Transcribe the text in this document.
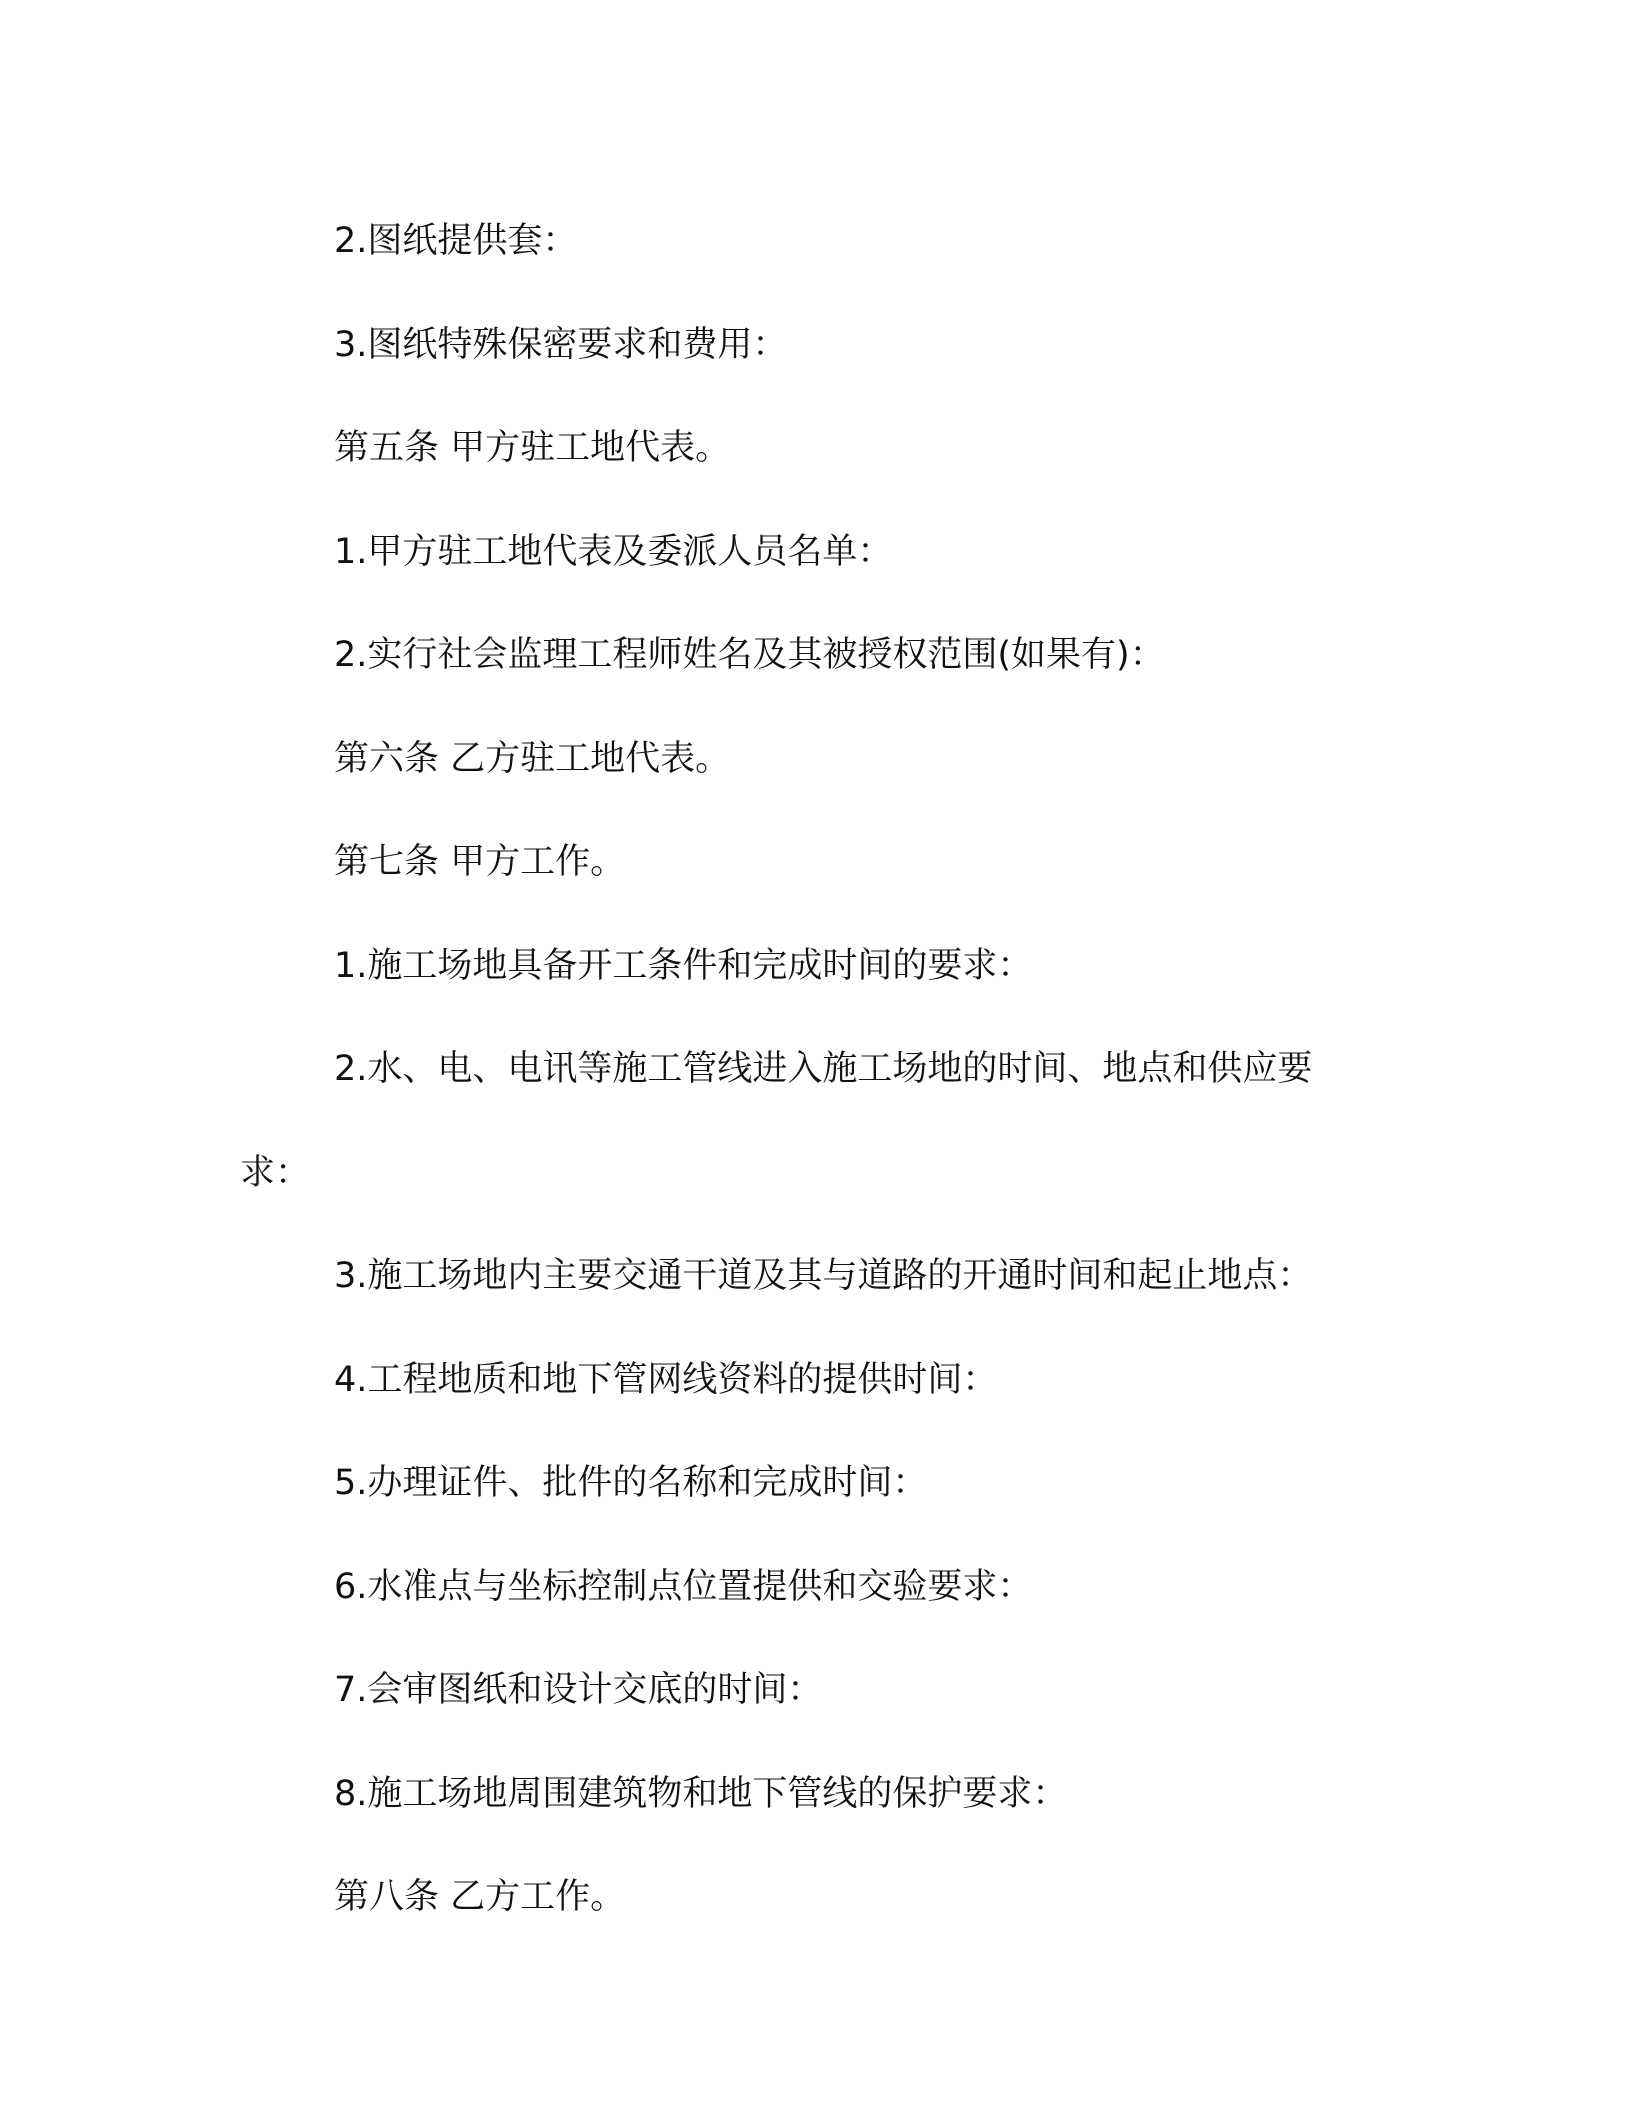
2.图纸提供套：

3.图纸特殊保密要求和费用：

第五条 甲方驻工地代表。

1.甲方驻工地代表及委派人员名单：

2.实行社会监理工程师姓名及其被授权范围(如果有)：

第六条 乙方驻工地代表。

第七条 甲方工作。

1.施工场地具备开工条件和完成时间的要求：

2.水、电、电讯等施工管线进入施工场地的时间、地点和供应要求：

3.施工场地内主要交通干道及其与道路的开通时间和起止地点：

4.工程地质和地下管网线资料的提供时间：

5.办理证件、批件的名称和完成时间：

6.水准点与坐标控制点位置提供和交验要求：

7.会审图纸和设计交底的时间：

8.施工场地周围建筑物和地下管线的保护要求：

第八条 乙方工作。
